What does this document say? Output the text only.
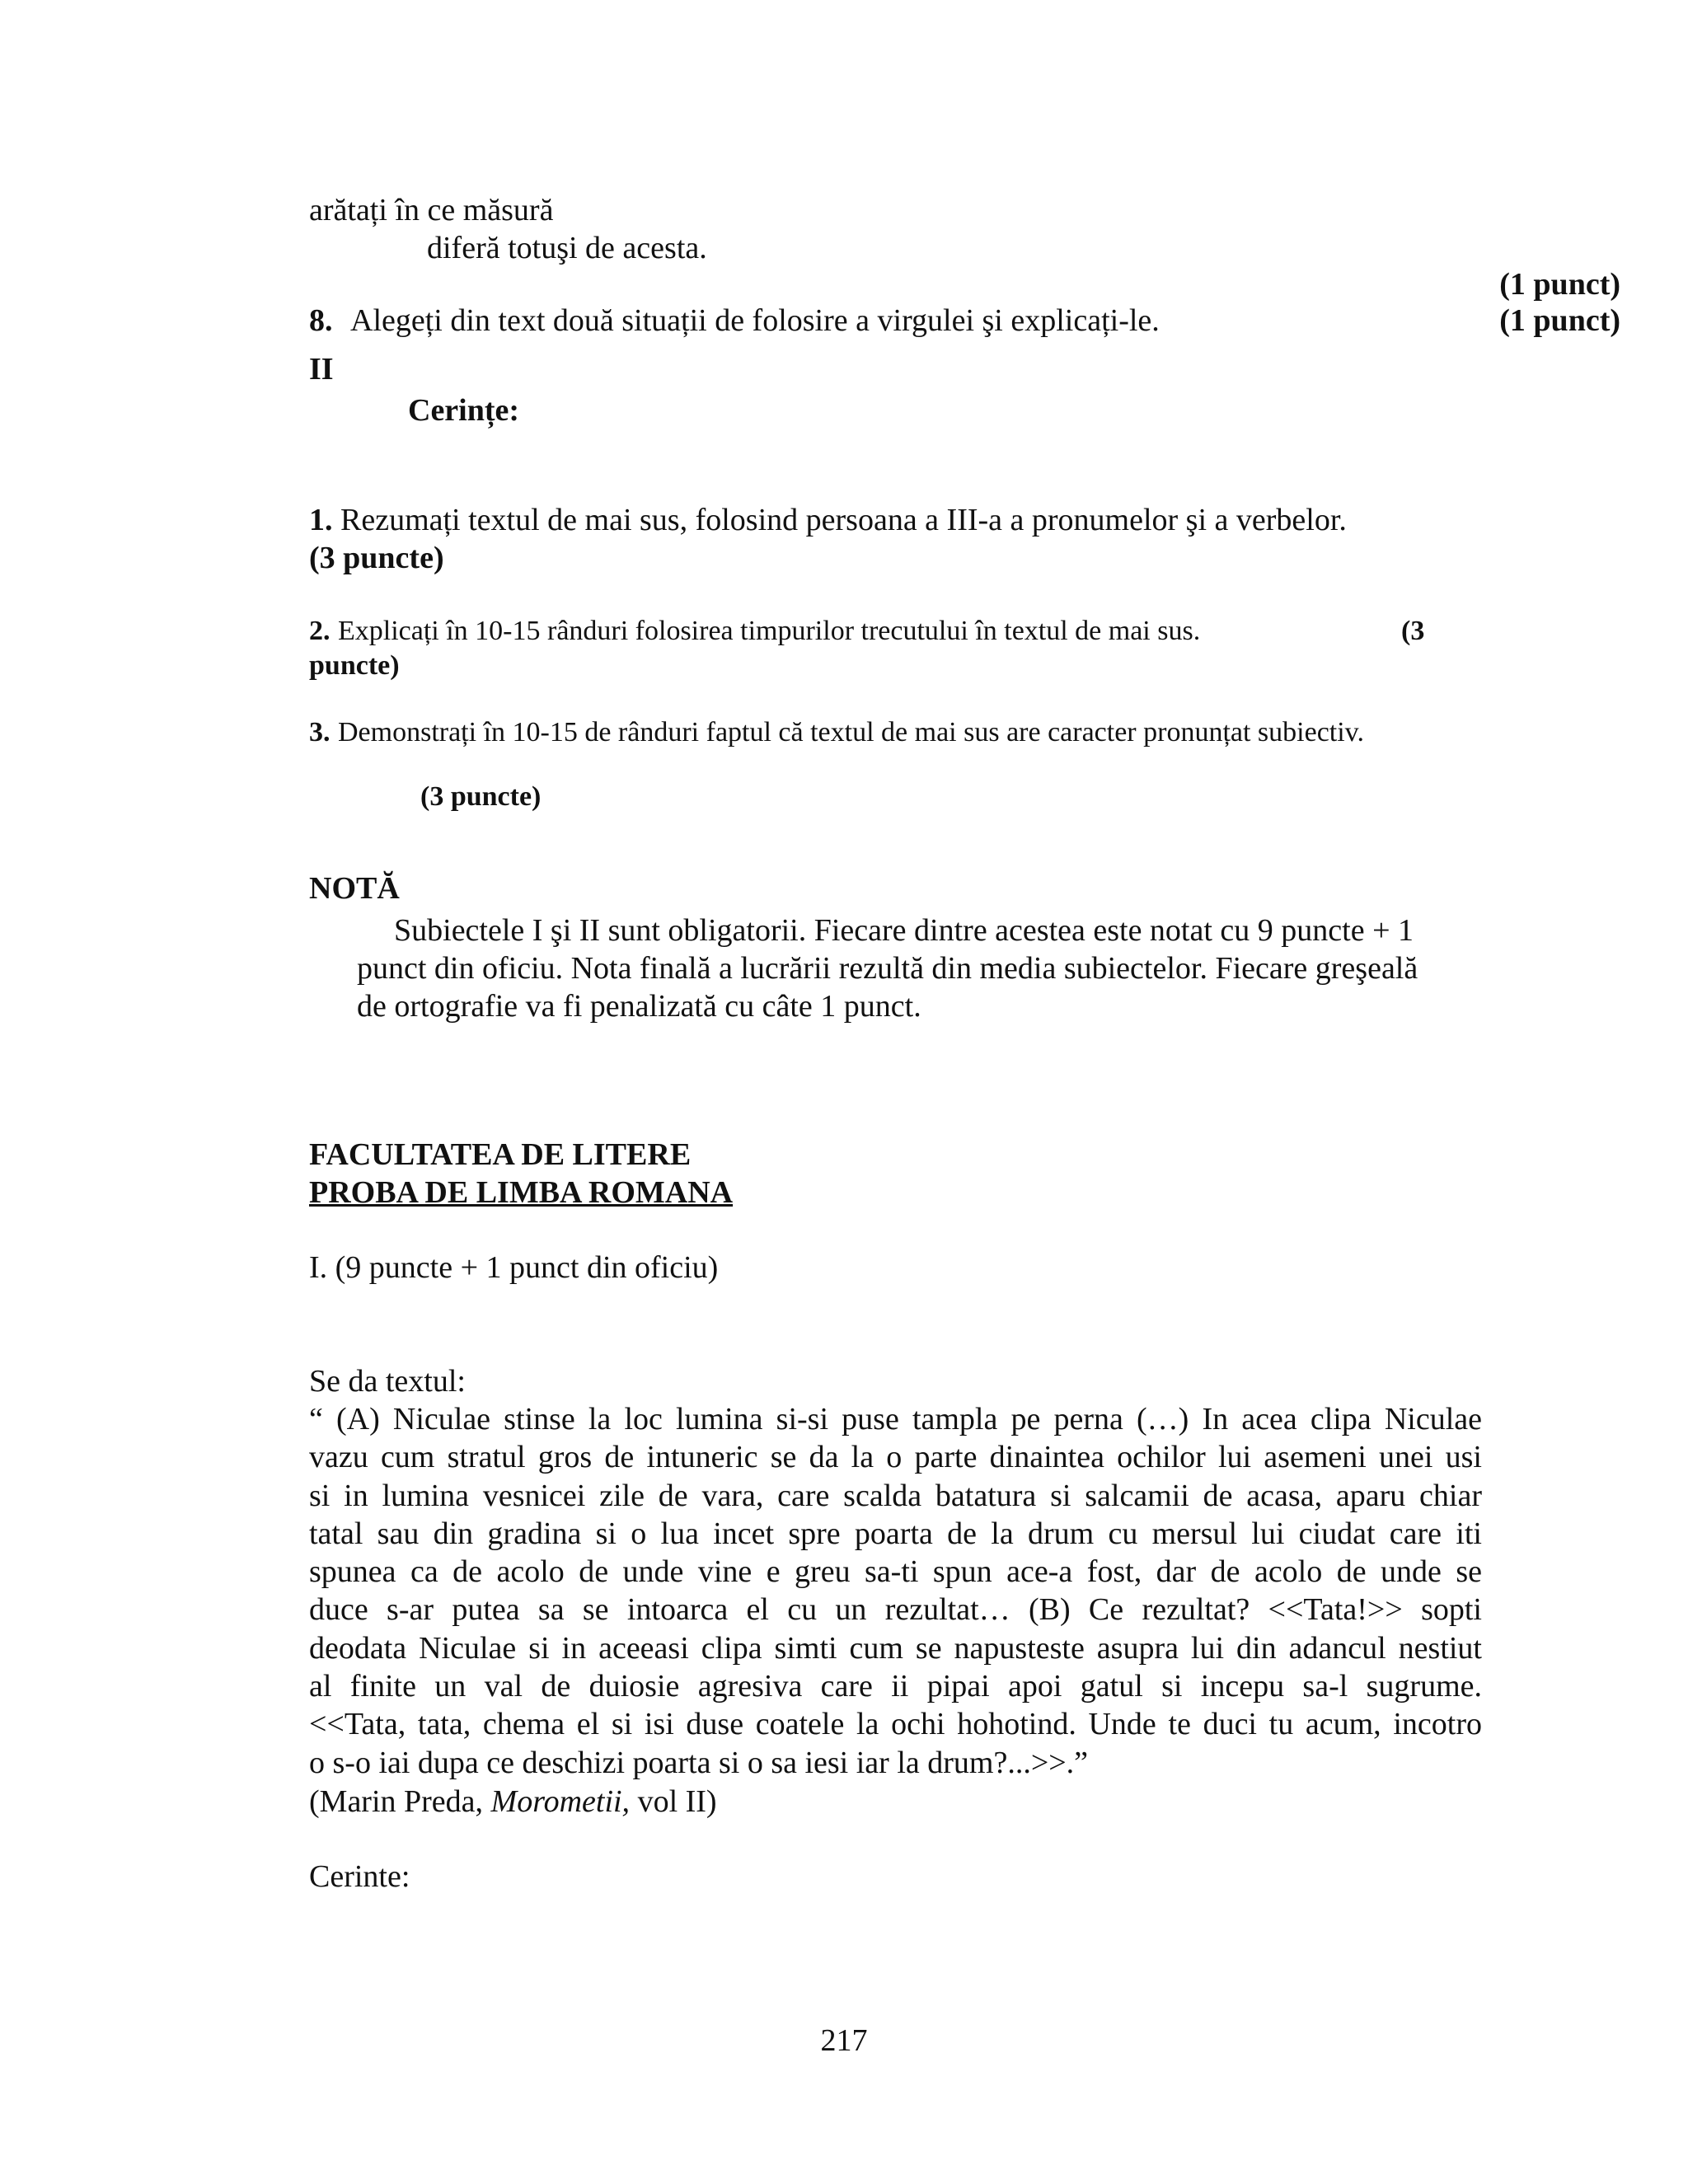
arătați în ce măsură
diferă totuşi de acesta.
(1 punct)
8. Alegeți din text două situații de folosire a virgulei şi explicați-le.	(1 punct)
II
Cerințe:
1. Rezumați textul de mai sus, folosind persoana a III-a a pronumelor şi a verbelor.
(3 puncte)
2. Explicați în 10-15 rânduri folosirea timpurilor trecutului în textul de mai sus.	(3
puncte)
3. Demonstrați în 10-15 de rânduri faptul că textul de mai sus are caracter pronunțat subiectiv.
(3 puncte)
NOTĂ
Subiectele I şi II sunt obligatorii. Fiecare dintre acestea este notat cu 9 puncte + 1
punct din oficiu. Nota finală a lucrării rezultă din media subiectelor. Fiecare greşeală
de ortografie va fi penalizată cu câte 1 punct.
FACULTATEA DE LITERE
PROBA DE LIMBA ROMANA
I. (9 puncte + 1 punct din oficiu)
Se da textul:
“ (A) Niculae stinse la loc lumina si-si puse tampla pe perna (…) In acea clipa Niculae
vazu cum stratul gros de intuneric se da la o parte dinaintea ochilor lui asemeni unei usi
si in lumina vesnicei zile de vara, care scalda batatura si salcamii de acasa, aparu chiar
tatal sau din gradina si o lua incet spre poarta de la drum cu mersul lui ciudat care iti
spunea ca de acolo de unde vine e greu sa-ti spun ace-a fost, dar de acolo de unde se
duce s-ar putea sa se intoarca el cu un rezultat… (B) Ce rezultat? <<Tata!>> sopti
deodata Niculae si in aceeasi clipa simti cum se napusteste asupra lui din adancul nestiut
al finite un val de duiosie agresiva care ii pipai apoi gatul si incepu sa-l sugrume.
<<Tata, tata, chema el si isi duse coatele la ochi hohotind. Unde te duci tu acum, incotro
o s-o iai dupa ce deschizi poarta si o sa iesi iar la drum?...>>.”
(Marin Preda, Morometii, vol II)
Cerinte:
217
